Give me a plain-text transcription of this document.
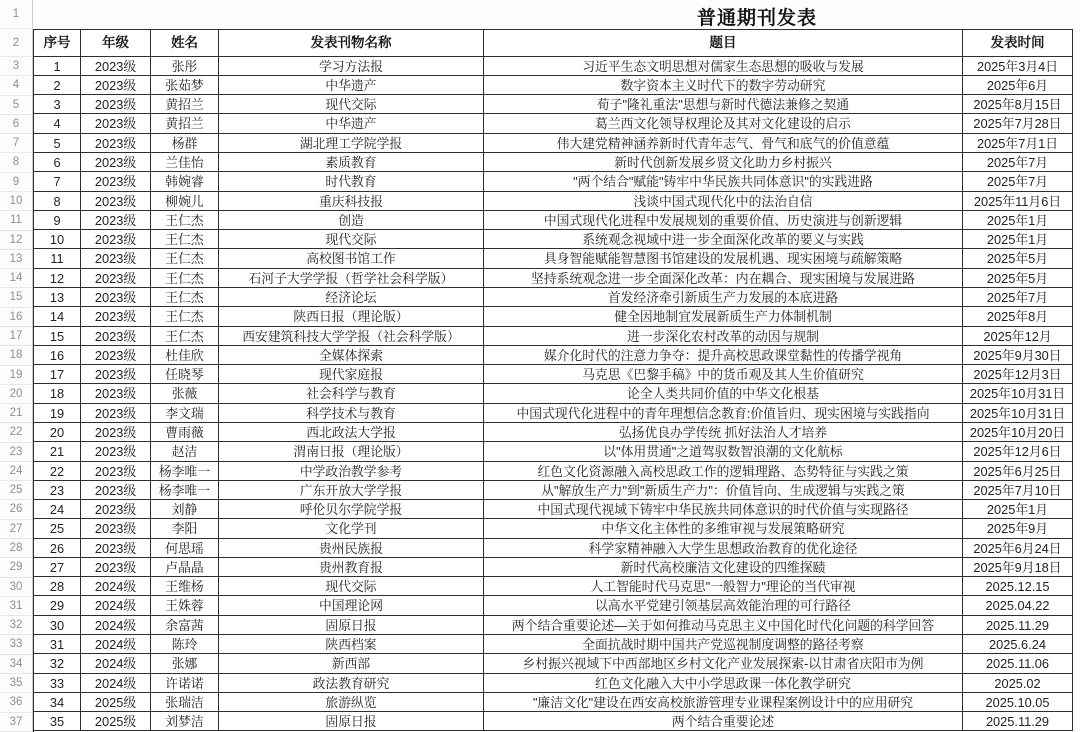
1
2
3
4
5
6
7
8
9
10
11
12
13
14
15
16
17
18
19
20
21
22
23
24
25
26
27
28
29
30
31
32
33
34
35
36
37
普通期刊发表
序号	年级	姓名	发表刊物名称	题目	发表时间
1	2023级	张彤	学习方法报	习近平生态文明思想对儒家生态思想的吸收与发展	2025年3月4日
2	2023级	张茹梦	中华遗产	数字资本主义时代下的数字劳动研究	2025年6月
3	2023级	黄招兰	现代交际	荀子"隆礼重法"思想与新时代德法兼修之契通	2025年8月15日
4	2023级	黄招兰	中华遗产	葛兰西文化领导权理论及其对文化建设的启示	2025年7月28日
5	2023级	杨群	湖北理工学院学报	伟大建党精神涵养新时代青年志气、骨气和底气的价值意蕴	2025年7月1日
6	2023级	兰佳怡	素质教育	新时代创新发展乡贤文化助力乡村振兴	2025年7月
7	2023级	韩婉睿	时代教育	"两个结合"赋能"铸牢中华民族共同体意识"的实践进路	2025年7月
8	2023级	柳婉儿	重庆科技报	浅谈中国式现代化中的法治自信	2025年11月6日
9	2023级	王仁杰	创造	中国式现代化进程中发展规划的重要价值、历史演进与创新逻辑	2025年1月
10	2023级	王仁杰	现代交际	系统观念视域中进一步全面深化改革的要义与实践	2025年1月
11	2023级	王仁杰	高校图书馆工作	具身智能赋能智慧图书馆建设的发展机遇、现实困境与疏解策略	2025年5月
12	2023级	王仁杰	石河子大学学报（哲学社会科学版）	坚持系统观念进一步全面深化改革：内在耦合、现实困境与发展进路	2025年5月
13	2023级	王仁杰	经济论坛	首发经济牵引新质生产力发展的本底进路	2025年7月
14	2023级	王仁杰	陕西日报（理论版）	健全因地制宜发展新质生产力体制机制	2025年8月
15	2023级	王仁杰	西安建筑科技大学学报（社会科学版）	进一步深化农村改革的动因与规制	2025年12月
16	2023级	杜佳欣	全媒体探索	媒介化时代的注意力争夺：提升高校思政课堂黏性的传播学视角	2025年9月30日
17	2023级	任晓琴	现代家庭报	马克思《巴黎手稿》中的货币观及其人生价值研究	2025年12月3日
18	2023级	张薇	社会科学与教育	论全人类共同价值的中华文化根基	2025年10月31日
19	2023级	李文瑞	科学技术与教育	中国式现代化进程中的青年理想信念教育:价值旨归、现实困境与实践指向	2025年10月31日
20	2023级	曹雨薇	西北政法大学报	弘扬优良办学传统 抓好法治人才培养	2025年10月20日
21	2023级	赵洁	渭南日报（理论版）	以"体用贯通"之道驾驭数智浪潮的文化航标	2025年12月6日
22	2023级	杨李唯一	中学政治教学参考	红色文化资源融入高校思政工作的逻辑理路、态势特征与实践之策	2025年6月25日
23	2023级	杨李唯一	广东开放大学学报	从"解放生产力"到"新质生产力"：价值旨向、生成逻辑与实践之策	2025年7月10日
24	2023级	刘静	呼伦贝尔学院学报	中国式现代视域下铸牢中华民族共同体意识的时代价值与实现路径	2025年1月
25	2023级	李阳	文化学刊	中华文化主体性的多维审视与发展策略研究	2025年9月
26	2023级	何思瑶	贵州民族报	科学家精神融入大学生思想政治教育的优化途径	2025年6月24日
27	2023级	卢晶晶	贵州教育报	新时代高校廉洁文化建设的四维探赜	2025年9月18日
28	2024级	王维杨	现代交际	人工智能时代马克思"一般智力"理论的当代审视	2025.12.15
29	2024级	王姝蓉	中国理论网	以高水平党建引领基层高效能治理的可行路径	2025.04.22
30	2024级	余富茜	固原日报	两个结合重要论述—关于如何推动马克思主义中国化时代化问题的科学回答	2025.11.29
31	2024级	陈玲	陕西档案	全面抗战时期中国共产党巡视制度调整的路径考察	2025.6.24
32	2024级	张娜	新西部	乡村振兴视域下中西部地区乡村文化产业发展探索-以甘肃省庆阳市为例	2025.11.06
33	2024级	许诺诺	政法教育研究	红色文化融入大中小学思政课一体化教学研究	2025.02
34	2025级	张瑞洁	旅游纵览	"廉洁文化"建设在西安高校旅游管理专业课程案例设计中的应用研究	2025.10.05
35	2025级	刘梦洁	固原日报	两个结合重要论述	2025.11.29
